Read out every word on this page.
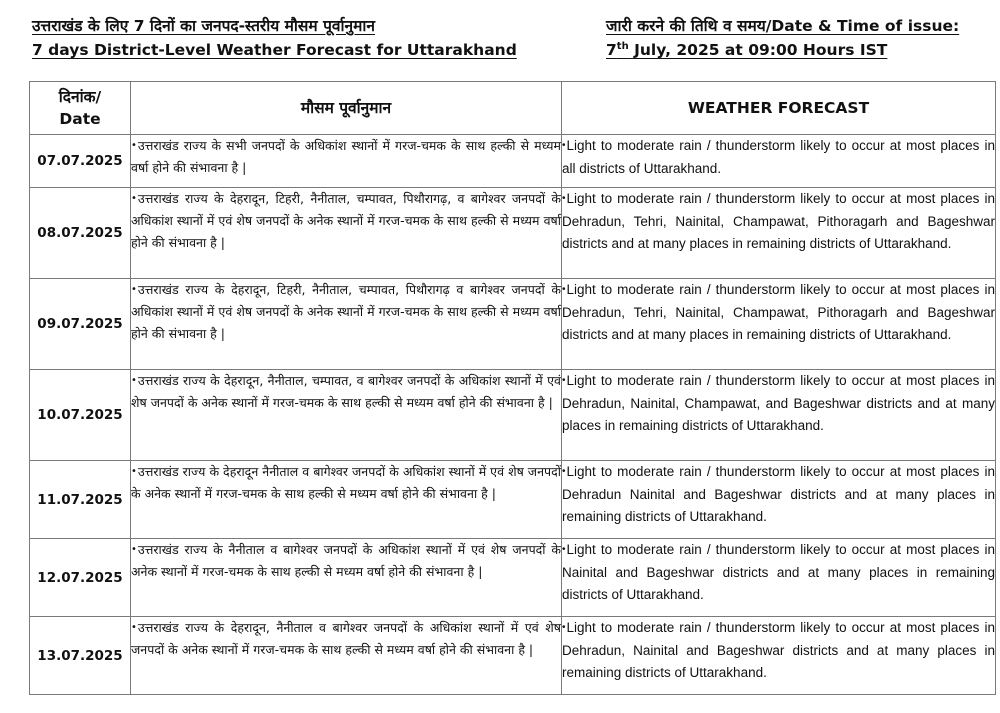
उत्तराखंड के लिए 7 दिनों का जनपद-स्तरीय मौसम पूर्वानुमान
7 days District-Level Weather Forecast for Uttarakhand
जारी करने की तिथि व समय/Date & Time of issue:
7th July, 2025 at 09:00 Hours IST
दिनांक/
Date	मौसम पूर्वानुमान	WEATHER FORECAST
07.07.2025	•उत्तराखंड राज्य के सभी जनपदों के अधिकांश स्थानों में गरज-चमक के साथ हल्की से मध्यम वर्षा होने की संभावना है |	•Light to moderate rain / thunderstorm likely to occur at most places in all districts of Uttarakhand.
08.07.2025	•उत्तराखंड राज्य के देहरादून, टिहरी, नैनीताल, चम्पावत, पिथौरागढ़, व बागेश्वर जनपदों के अधिकांश स्थानों में एवं शेष जनपदों के अनेक स्थानों में गरज-चमक के साथ हल्की से मध्यम वर्षा होने की संभावना है |	•Light to moderate rain / thunderstorm likely to occur at most places in Dehradun, Tehri, Nainital, Champawat, Pithoragarh and Bageshwar districts and at many places in remaining districts of Uttarakhand.
09.07.2025	•उत्तराखंड राज्य के देहरादून, टिहरी, नैनीताल, चम्पावत, पिथौरागढ़ व बागेश्वर जनपदों के अधिकांश स्थानों में एवं शेष जनपदों के अनेक स्थानों में गरज-चमक के साथ हल्की से मध्यम वर्षा होने की संभावना है |	•Light to moderate rain / thunderstorm likely to occur at most places in Dehradun, Tehri, Nainital, Champawat, Pithoragarh and Bageshwar districts and at many places in remaining districts of Uttarakhand.
10.07.2025	•उत्तराखंड राज्य के देहरादून, नैनीताल, चम्पावत, व बागेश्वर जनपदों के अधिकांश स्थानों में एवं शेष जनपदों के अनेक स्थानों में गरज-चमक के साथ हल्की से मध्यम वर्षा होने की संभावना है |	•Light to moderate rain / thunderstorm likely to occur at most places in Dehradun, Nainital, Champawat, and Bageshwar districts and at many places in remaining districts of Uttarakhand.
11.07.2025	•उत्तराखंड राज्य के देहरादून नैनीताल व बागेश्वर जनपदों के अधिकांश स्थानों में एवं शेष जनपदों के अनेक स्थानों में गरज-चमक के साथ हल्की से मध्यम वर्षा होने की संभावना है |	•Light to moderate rain / thunderstorm likely to occur at most places in Dehradun Nainital and Bageshwar districts and at many places in remaining districts of Uttarakhand.
12.07.2025	•उत्तराखंड राज्य के नैनीताल व बागेश्वर जनपदों के अधिकांश स्थानों में एवं शेष जनपदों के अनेक स्थानों में गरज-चमक के साथ हल्की से मध्यम वर्षा होने की संभावना है |	•Light to moderate rain / thunderstorm likely to occur at most places in Nainital and Bageshwar districts and at many places in remaining districts of Uttarakhand.
13.07.2025	•उत्तराखंड राज्य के देहरादून, नैनीताल व बागेश्वर जनपदों के अधिकांश स्थानों में एवं शेष जनपदों के अनेक स्थानों में गरज-चमक के साथ हल्की से मध्यम वर्षा होने की संभावना है |	•Light to moderate rain / thunderstorm likely to occur at most places in Dehradun, Nainital and Bageshwar districts and at many places in remaining districts of Uttarakhand.
